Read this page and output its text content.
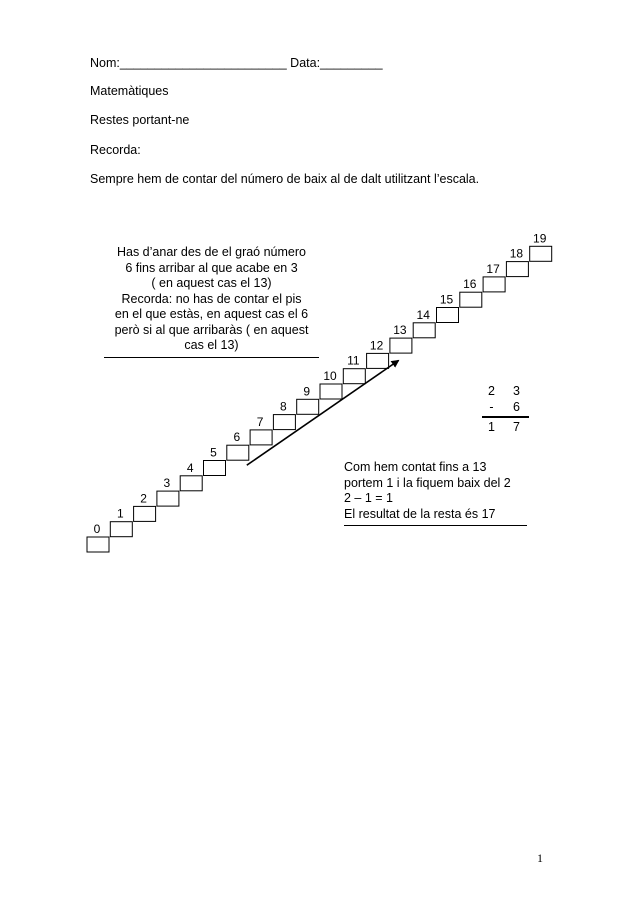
Nom:________________________ Data:_________
Matemàtiques
Restes portant-ne
Recorda:
Sempre hem de contar del número de baix al de dalt utilitzant l’escala.
0
1
2
3
4
5
6
7
8
9
10
11
12
13
14
15
16
17
18
19
Has d’anar des de el graó número
6 fins arribar al que acabe en 3
( en aquest cas el 13)
Recorda: no has de contar el pis
en el que estàs, en aquest cas el 6
però si al que arribaràs ( en aquest
cas el 13)
2	3
-	6
1	7
Com hem contat fins a 13
portem 1 i la fiquem baix del 2
2 – 1 = 1
El resultat de la resta és 17
1
